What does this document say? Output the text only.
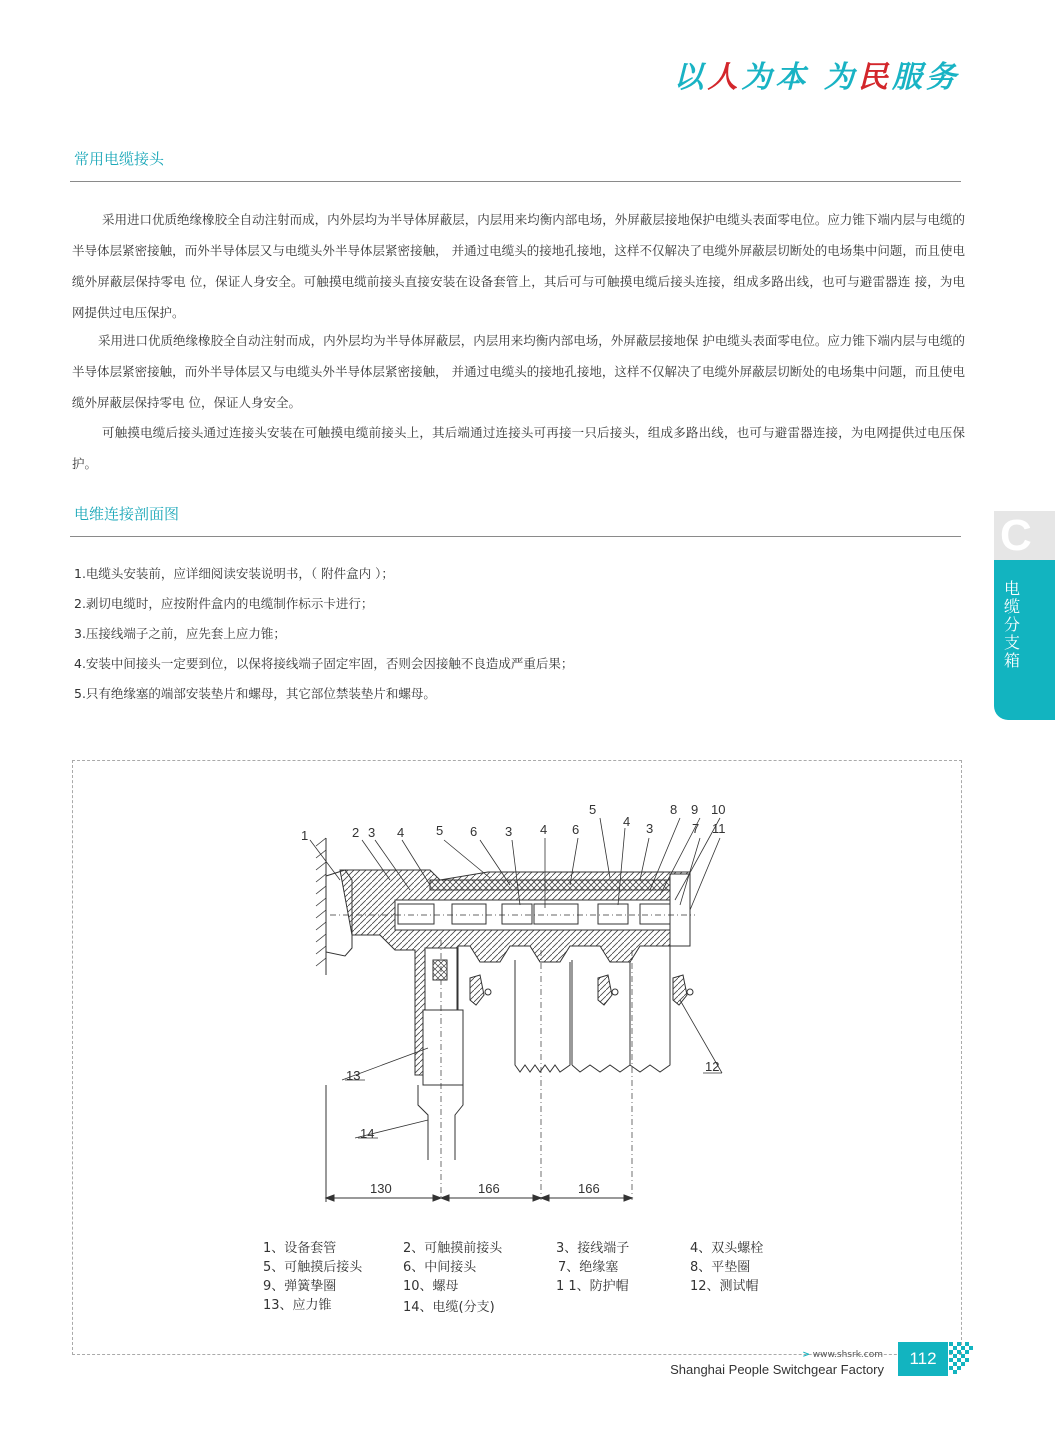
以人为本 为民服务
常用电缆接头

采用进口优质绝缘橡胶全自动注射而成，内外层均为半导体屏蔽层，内层用来均衡内部电场，外屏蔽层接地保护电缆头表面零电位。应力锥下端内层与电缆的半导体层紧密接触，而外半导体层又与电缆头外半导体层紧密接触， 并通过电缆头的接地孔接地，这样不仅解决了电缆外屏蔽层切断处的电场集中问题，而且使电缆外屏蔽层保持零电 位，保证人身安全。可触摸电缆前接头直接安装在设备套管上，其后可与可触摸电缆后接头连接，组成多路出线，也可与避雷器连 接，为电网提供过电压保护。

采用进口优质绝缘橡胶全自动注射而成，内外层均为半导体屏蔽层，内层用来均衡内部电场，外屏蔽层接地保 护电缆头表面零电位。应力锥下端内层与电缆的半导体层紧密接触，而外半导体层又与电缆头外半导体层紧密接触， 并通过电缆头的接地孔接地，这样不仅解决了电缆外屏蔽层切断处的电场集中问题，而且使电缆外屏蔽层保持零电 位，保证人身安全。

可触摸电缆后接头通过连接头安装在可触摸电缆前接头上，其后端通过连接头可再接一只后接头，组成多路出线，也可与避雷器连接，为电网提供过电压保护。

电维连接剖面图
1.电缆头安装前，应详细阅读安装说明书，（ 附件盒内 ）；
2.剥切电缆时，应按附件盒内的电缆制作标示卡进行；
3.压接线端子之前，应先套上应力锥；
4.安装中间接头一定要到位，以保将接线端子固定牢固，否则会因接触不良造成严重后果；
5.只有绝缘塞的端部安装垫片和螺母，其它部位禁装垫片和螺母。
C
电缆分支箱
1	2 3 4 5 6 3 4 6
5
4 3
8 9 10
7 11
13
14
12
130	166	166
1、设备套管	2、可触摸前接头	3、接线端子	4、双头螺栓
5、可触摸后接头	6、中间接头	7、绝缘塞	8、平垫圈
9、弹簧挚圈	10、螺母	1 1、防护帽	12、测试帽
13、应力锥	14、电缆(分支)
> www.shsrk.com
Shanghai People Switchgear Factory
112
